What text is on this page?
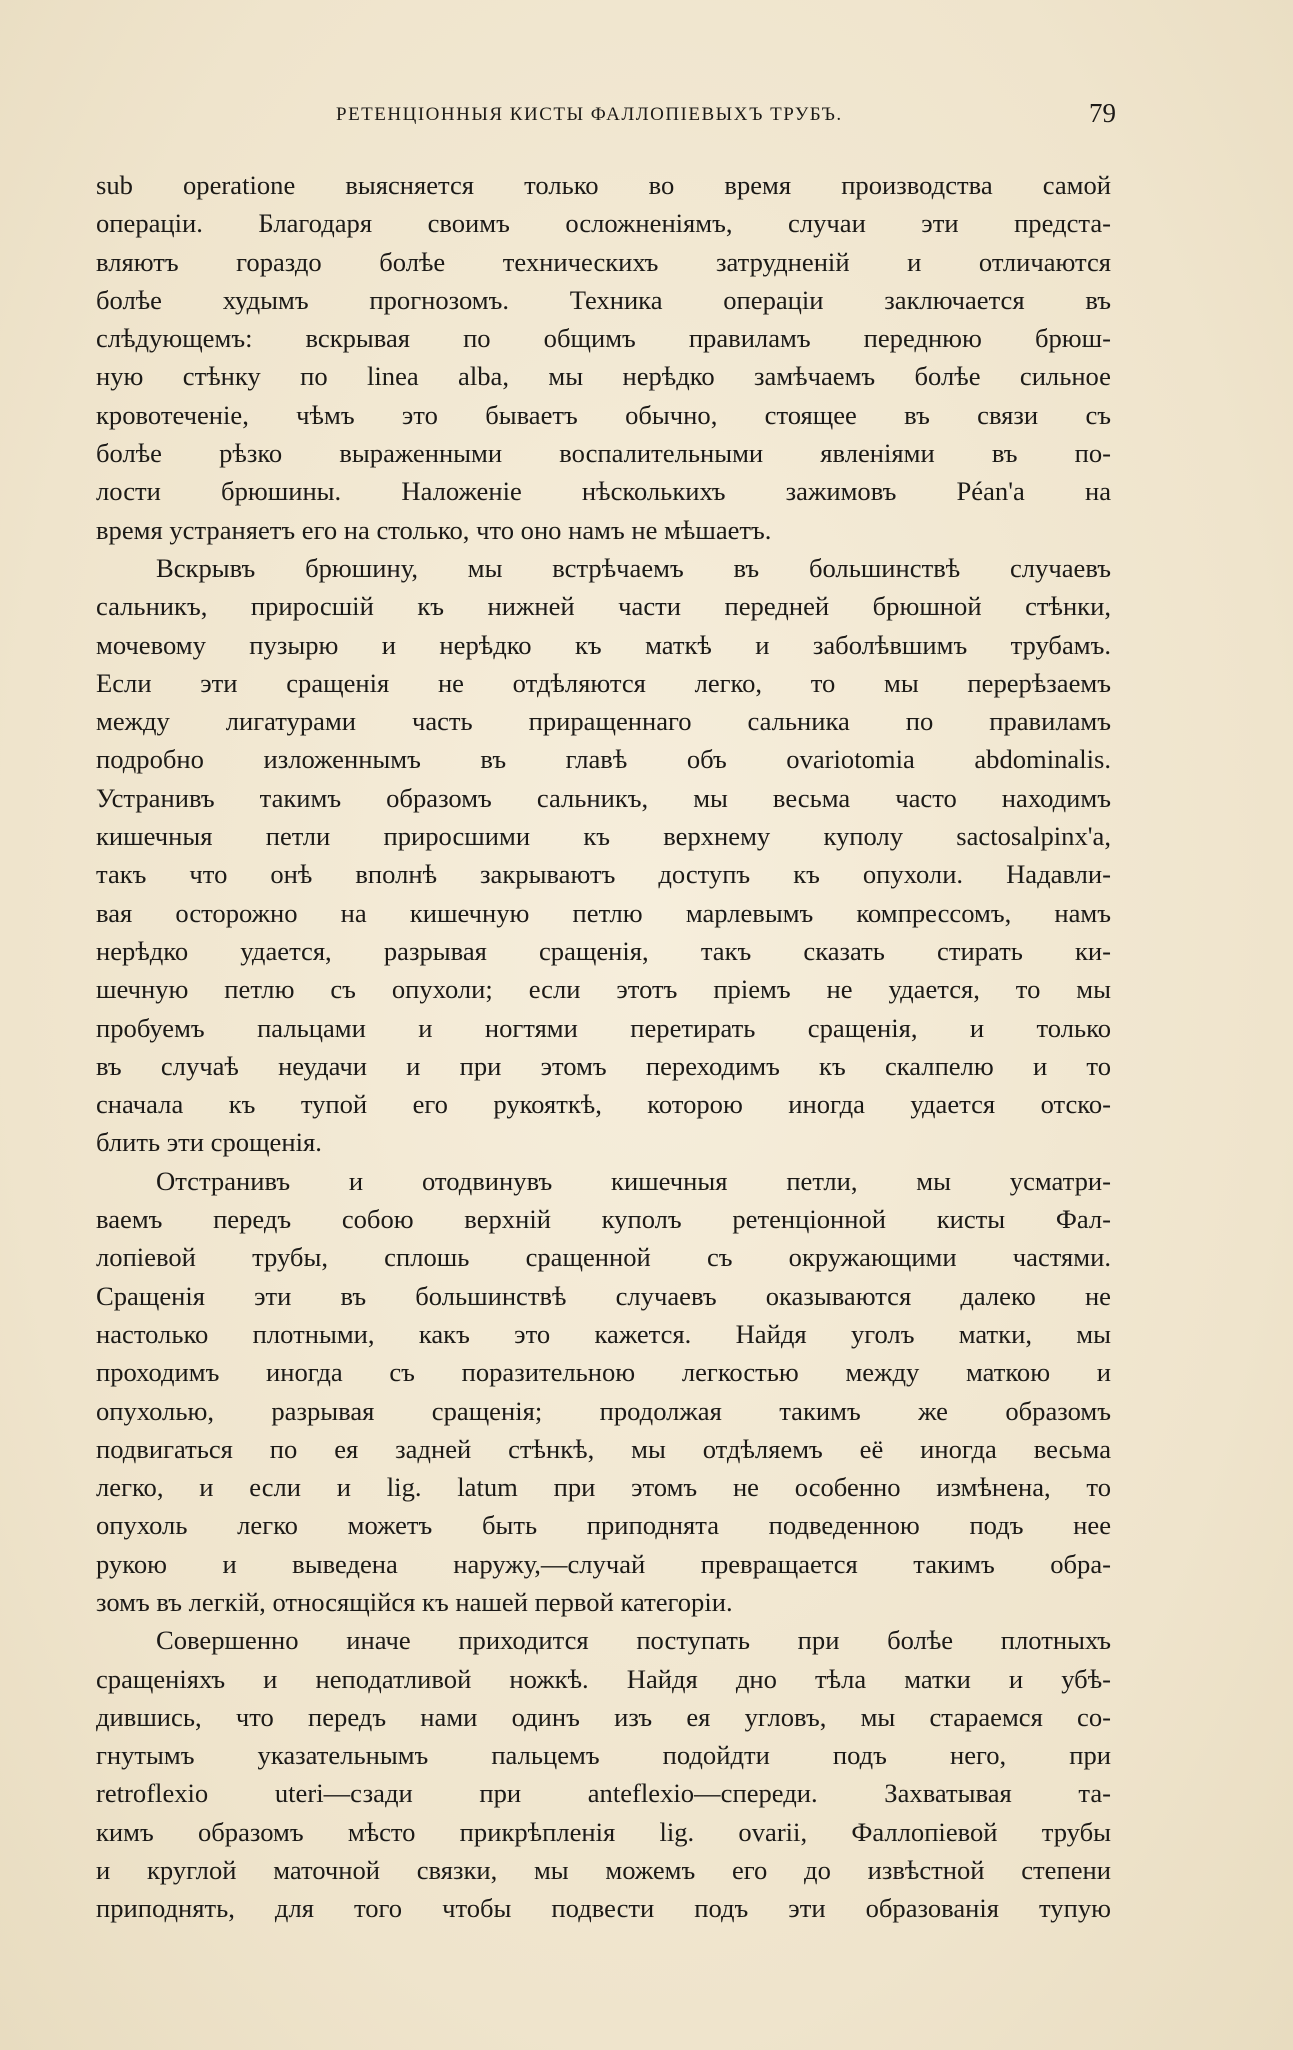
РЕТЕНЦІОННЫЯ КИСТЫ ФАЛЛОПІЕВЫХЪ ТРУБЪ.	79
sub operatione выясняется только во время производства самой
операціи. Благодаря своимъ осложненіямъ, случаи эти предста-
вляютъ гораздо болѣе техническихъ затрудненій и отличаются
болѣе худымъ прогнозомъ. Техника операціи заключается въ
слѣдующемъ: вскрывая по общимъ правиламъ переднюю брюш-
ную стѣнку по linea alba, мы нерѣдко замѣчаемъ болѣе сильное
кровотеченіе, чѣмъ это бываетъ обычно, стоящее въ связи съ
болѣе рѣзко выраженными воспалительными явленіями въ по-
лости брюшины. Наложеніе нѣсколькихъ зажимовъ Péan'a на
время устраняетъ его на столько, что оно намъ не мѣшаетъ.
Вскрывъ брюшину, мы встрѣчаемъ въ большинствѣ случаевъ
сальникъ, приросшій къ нижней части передней брюшной стѣнки,
мочевому пузырю и нерѣдко къ маткѣ и заболѣвшимъ трубамъ.
Если эти сращенія не отдѣляются легко, то мы перерѣзаемъ
между лигатурами часть приращеннаго сальника по правиламъ
подробно изложеннымъ въ главѣ объ ovariotomia abdominalis.
Устранивъ такимъ образомъ сальникъ, мы весьма часто находимъ
кишечныя петли приросшими къ верхнему куполу sactosalpinx'a,
такъ что онѣ вполнѣ закрываютъ доступъ къ опухоли. Надавли-
вая осторожно на кишечную петлю марлевымъ компрессомъ, намъ
нерѣдко удается, разрывая сращенія, такъ сказать стирать ки-
шечную петлю съ опухоли; если этотъ пріемъ не удается, то мы
пробуемъ пальцами и ногтями перетирать сращенія, и только
въ случаѣ неудачи и при этомъ переходимъ къ скалпелю и то
сначала къ тупой его рукояткѣ, которою иногда удается отско-
блить эти срощенія.
Отстранивъ и отодвинувъ кишечныя петли, мы усматри-
ваемъ передъ собою верхній куполъ ретенціонной кисты Фал-
лопіевой трубы, сплошь сращенной съ окружающими частями.
Сращенія эти въ большинствѣ случаевъ оказываются далеко не
настолько плотными, какъ это кажется. Найдя уголъ матки, мы
проходимъ иногда съ поразительною легкостью между маткою и
опухолью, разрывая сращенія; продолжая такимъ же образомъ
подвигаться по ея задней стѣнкѣ, мы отдѣляемъ её иногда весьма
легко, и если и lig. latum при этомъ не особенно измѣнена, то
опухоль легко можетъ быть приподнята подведенною подъ нее
рукою и выведена наружу,—случай превращается такимъ обра-
зомъ въ легкій, относящійся къ нашей первой категоріи.
Совершенно иначе приходится поступать при болѣе плотныхъ
сращеніяхъ и неподатливой ножкѣ. Найдя дно тѣла матки и убѣ-
дившись, что передъ нами одинъ изъ ея угловъ, мы стараемся со-
гнутымъ указательнымъ пальцемъ подойдти подъ него, при
retroflexio uteri—сзади при anteflexio—спереди. Захватывая та-
кимъ образомъ мѣсто прикрѣпленія lig. ovarii, Фаллопіевой трубы
и круглой маточной связки, мы можемъ его до извѣстной степени
приподнять, для того чтобы подвести подъ эти образованія тупую
